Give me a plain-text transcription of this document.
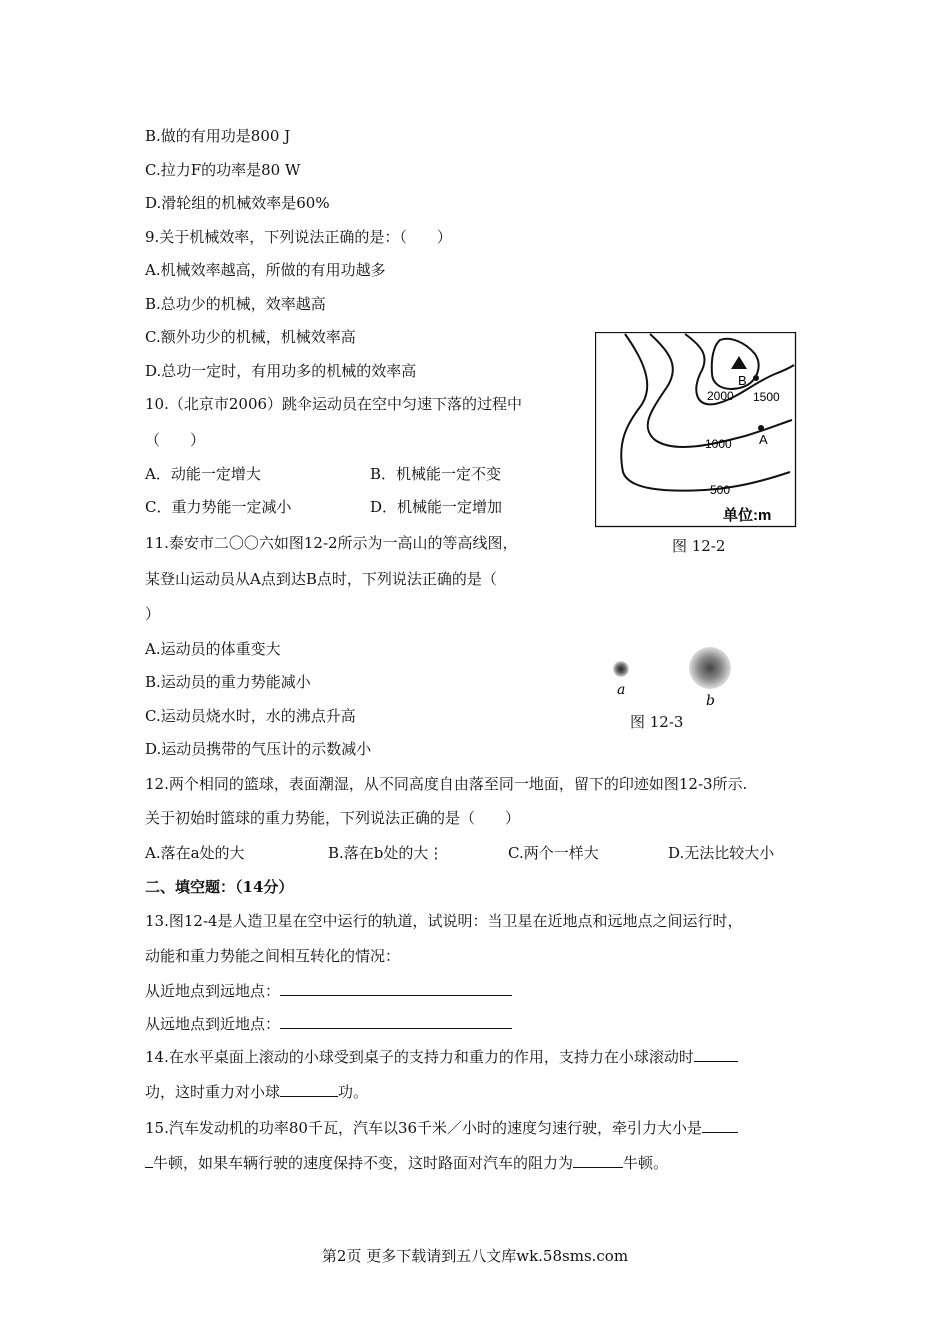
B.做的有用功是800 J
C.拉力F的功率是80 W
D.滑轮组的机械效率是60%
9.关于机械效率，下列说法正确的是：（　　）
A.机械效率越高，所做的有用功越多
B.总功少的机械，效率越高
C.额外功少的机械，机械效率高
D.总功一定时，有用功多的机械的效率高
10.（北京市2006）跳伞运动员在空中匀速下落的过程中
（　　）
A．动能一定增大	B．机械能一定不变
C．重力势能一定减小	D．机械能一定增加
11.泰安市二〇〇六如图12-2所示为一高山的等高线图，
某登山运动员从A点到达B点时，下列说法正确的是（
）
A.运动员的体重变大
B.运动员的重力势能减小
C.运动员烧水时，水的沸点升高
D.运动员携带的气压计的示数减小
B
A
2000 1500
1000
500
单位:m
图 12-2
a
b
图 12-3
12.两个相同的篮球，表面潮湿，从不同高度自由落至同一地面，留下的印迹如图12-3所示.
关于初始时篮球的重力势能，下列说法正确的是（　　）
A.落在a处的大	B.落在b处的大⋮	C.两个一样大	D.无法比较大小
二、填空题：（14分）
13.图12-4是人造卫星在空中运行的轨道，试说明：当卫星在近地点和远地点之间运行时，
动能和重力势能之间相互转化的情况：
从近地点到远地点：
从远地点到近地点：
14.在水平桌面上滚动的小球受到桌子的支持力和重力的作用，支持力在小球滚动时
功，这时重力对小球	功。
15.汽车发动机的功率80千瓦，汽车以36千米／小时的速度匀速行驶，牵引力大小是
牛顿，如果车辆行驶的速度保持不变，这时路面对汽车的阻力为	牛顿。
第2页 更多下载请到五八文库wk.58sms.com
